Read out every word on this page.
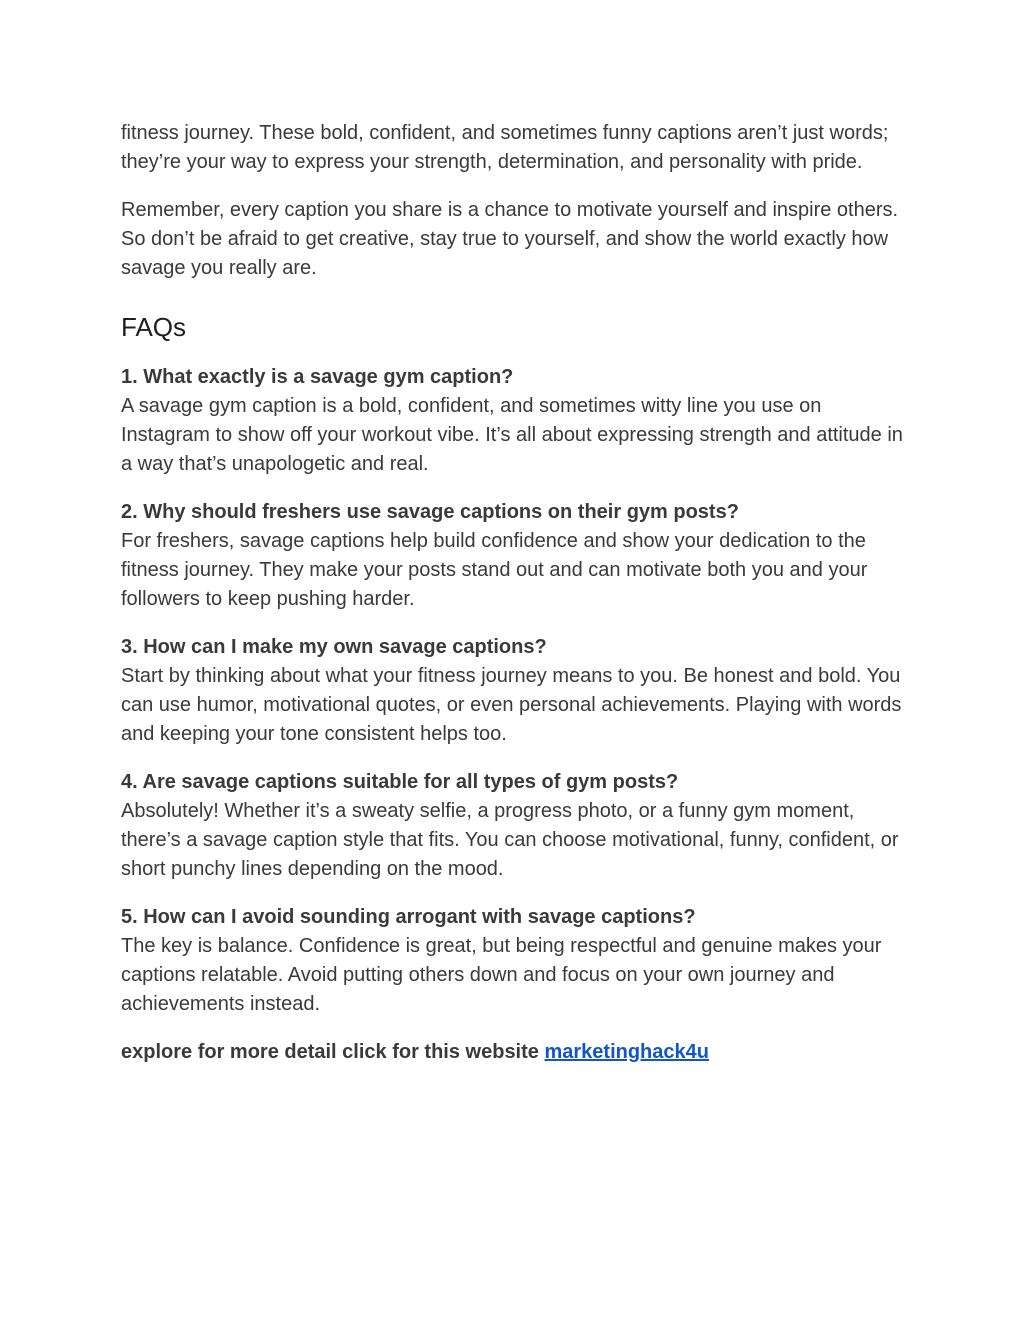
fitness journey. These bold, confident, and sometimes funny captions aren’t just words; they’re your way to express your strength, determination, and personality with pride.

Remember, every caption you share is a chance to motivate yourself and inspire others. So don’t be afraid to get creative, stay true to yourself, and show the world exactly how savage you really are.

FAQs
1. What exactly is a savage gym caption?
A savage gym caption is a bold, confident, and sometimes witty line you use on Instagram to show off your workout vibe. It’s all about expressing strength and attitude in a way that’s unapologetic and real.
2. Why should freshers use savage captions on their gym posts?
For freshers, savage captions help build confidence and show your dedication to the fitness journey. They make your posts stand out and can motivate both you and your followers to keep pushing harder.
3. How can I make my own savage captions?
Start by thinking about what your fitness journey means to you. Be honest and bold. You can use humor, motivational quotes, or even personal achievements. Playing with words and keeping your tone consistent helps too.
4. Are savage captions suitable for all types of gym posts?
Absolutely! Whether it’s a sweaty selfie, a progress photo, or a funny gym moment, there’s a savage caption style that fits. You can choose motivational, funny, confident, or short punchy lines depending on the mood.
5. How can I avoid sounding arrogant with savage captions?
The key is balance. Confidence is great, but being respectful and genuine makes your captions relatable. Avoid putting others down and focus on your own journey and achievements instead.

explore for more detail click for this website marketinghack4u
